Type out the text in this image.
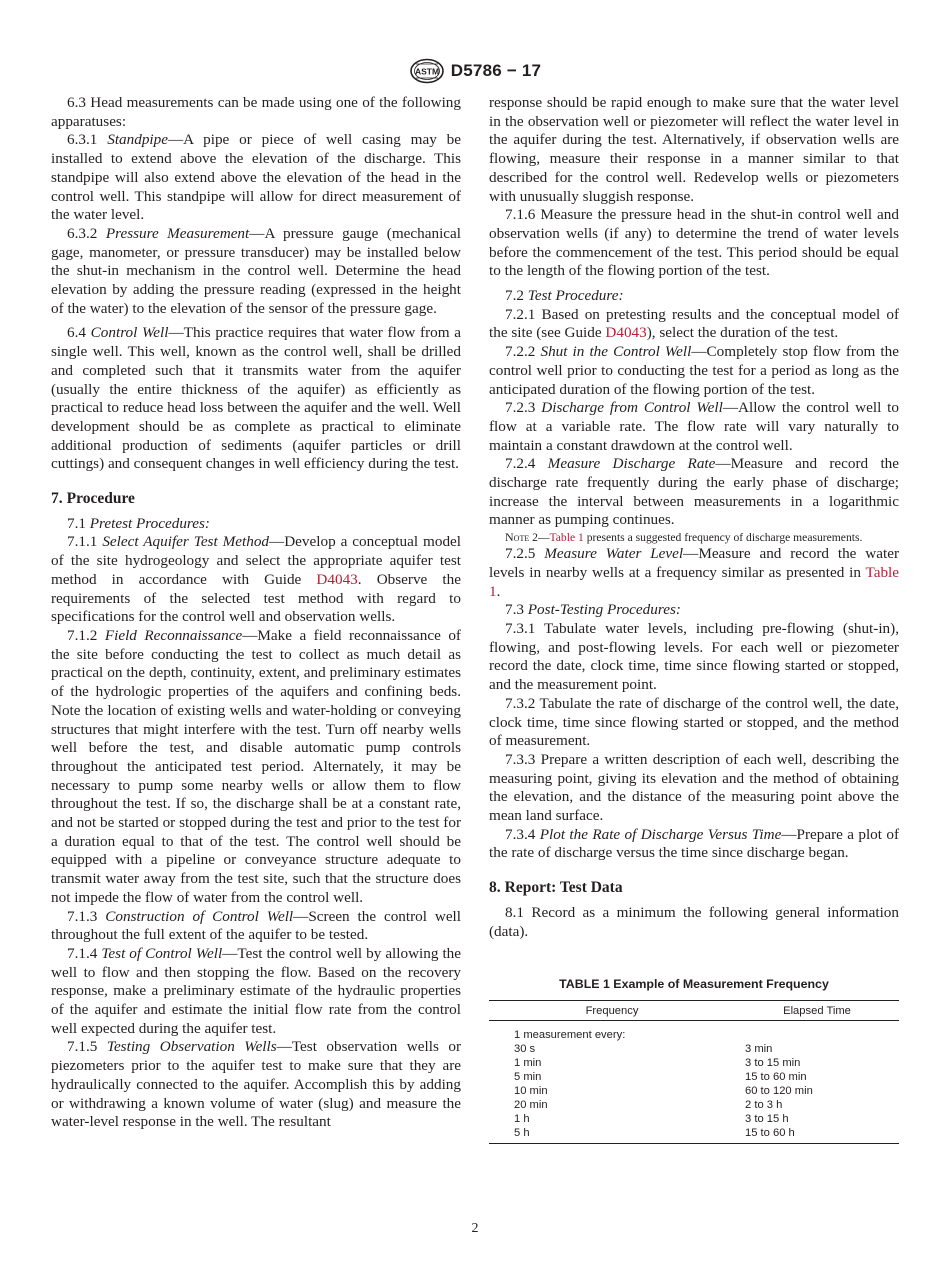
ASTM D5786 − 17

6.3 Head measurements can be made using one of the following apparatuses:

6.3.1 Standpipe—A pipe or piece of well casing may be installed to extend above the elevation of the discharge. This standpipe will also extend above the elevation of the head in the control well. This standpipe will allow for direct measurement of the water level.

6.3.2 Pressure Measurement—A pressure gauge (mechanical gage, manometer, or pressure transducer) may be installed below the shut-in mechanism in the control well. Determine the head elevation by adding the pressure reading (expressed in the height of the water) to the elevation of the sensor of the pressure gage.

6.4 Control Well—This practice requires that water flow from a single well. This well, known as the control well, shall be drilled and completed such that it transmits water from the aquifer (usually the entire thickness of the aquifer) as efficiently as practical to reduce head loss between the aquifer and the well. Well development should be as complete as practical to eliminate additional production of sediments (aquifer particles or drill cuttings) and consequent changes in well efficiency during the test.

7. Procedure

7.1 Pretest Procedures:

7.1.1 Select Aquifer Test Method—Develop a conceptual model of the site hydrogeology and select the appropriate aquifer test method in accordance with Guide D4043. Observe the requirements of the selected test method with regard to specifications for the control well and observation wells.

7.1.2 Field Reconnaissance—Make a field reconnaissance of the site before conducting the test to collect as much detail as practical on the depth, continuity, extent, and preliminary estimates of the hydrologic properties of the aquifers and confining beds. Note the location of existing wells and water-holding or conveying structures that might interfere with the test. Turn off nearby wells well before the test, and disable automatic pump controls throughout the anticipated test period. Alternately, it may be necessary to pump some nearby wells or allow them to flow throughout the test. If so, the discharge shall be at a constant rate, and not be started or stopped during the test and prior to the test for a duration equal to that of the test. The control well should be equipped with a pipeline or conveyance structure adequate to transmit water away from the test site, such that the structure does not impede the flow of water from the control well.

7.1.3 Construction of Control Well—Screen the control well throughout the full extent of the aquifer to be tested.

7.1.4 Test of Control Well—Test the control well by allowing the well to flow and then stopping the flow. Based on the recovery response, make a preliminary estimate of the hydraulic properties of the aquifer and estimate the initial flow rate from the control well expected during the aquifer test.

7.1.5 Testing Observation Wells—Test observation wells or piezometers prior to the aquifer test to make sure that they are hydraulically connected to the aquifer. Accomplish this by adding or withdrawing a known volume of water (slug) and measure the water-level response in the well. The resultant

response should be rapid enough to make sure that the water level in the observation well or piezometer will reflect the water level in the aquifer during the test. Alternatively, if observation wells are flowing, measure their response in a manner similar to that described for the control well. Redevelop wells or piezometers with unusually sluggish response.

7.1.6 Measure the pressure head in the shut-in control well and observation wells (if any) to determine the trend of water levels before the commencement of the test. This period should be equal to the length of the flowing portion of the test.

7.2 Test Procedure:

7.2.1 Based on pretesting results and the conceptual model of the site (see Guide D4043), select the duration of the test.

7.2.2 Shut in the Control Well—Completely stop flow from the control well prior to conducting the test for a period as long as the anticipated duration of the flowing portion of the test.

7.2.3 Discharge from Control Well—Allow the control well to flow at a variable rate. The flow rate will vary naturally to maintain a constant drawdown at the control well.

7.2.4 Measure Discharge Rate—Measure and record the discharge rate frequently during the early phase of discharge; increase the interval between measurements in a logarithmic manner as pumping continues.

Note 2—Table 1 presents a suggested frequency of discharge measurements.

7.2.5 Measure Water Level—Measure and record the water levels in nearby wells at a frequency similar as presented in Table 1.

7.3 Post-Testing Procedures:

7.3.1 Tabulate water levels, including pre-flowing (shut-in), flowing, and post-flowing levels. For each well or piezometer record the date, clock time, time since flowing started or stopped, and the measurement point.

7.3.2 Tabulate the rate of discharge of the control well, the date, clock time, time since flowing started or stopped, and the method of measurement.

7.3.3 Prepare a written description of each well, describing the measuring point, giving its elevation and the method of obtaining the elevation, and the distance of the measuring point above the mean land surface.

7.3.4 Plot the Rate of Discharge Versus Time—Prepare a plot of the rate of discharge versus the time since discharge began.

8. Report: Test Data

8.1 Record as a minimum the following general information (data).

TABLE 1 Example of Measurement Frequency
Frequency	Elapsed Time
1 measurement every:	
30 s	3 min
1 min	3 to 15 min
5 min	15 to 60 min
10 min	60 to 120 min
20 min	2 to 3 h
1 h	3 to 15 h
5 h	15 to 60 h
2
